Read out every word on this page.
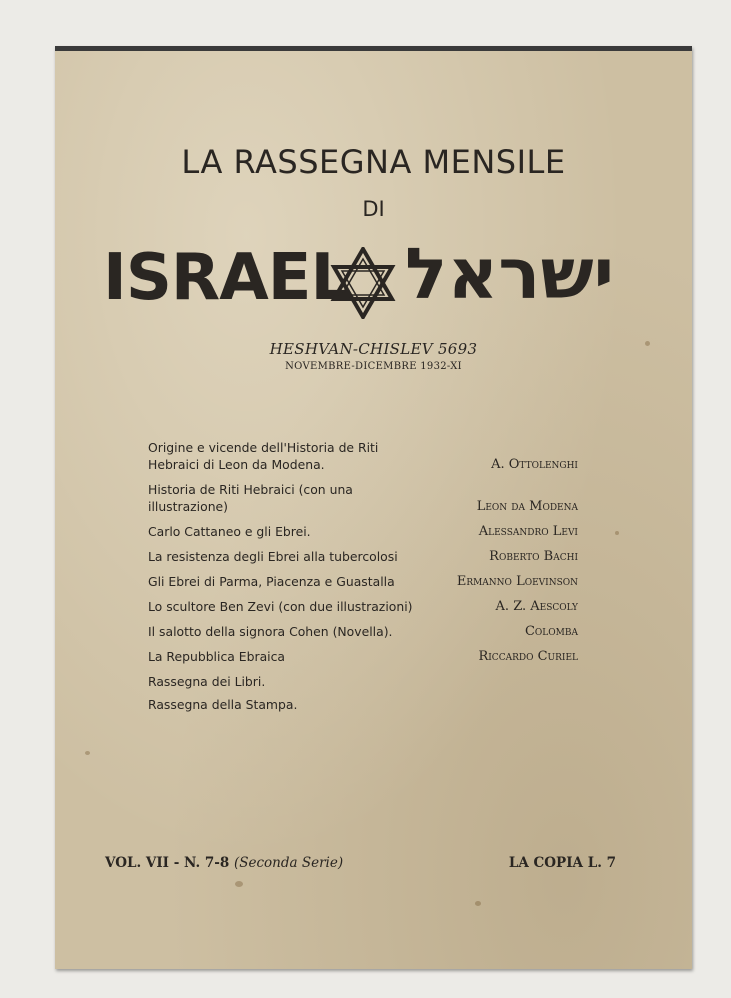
LA RASSEGNA MENSILE
DI
ISRAEL ישראל
HESHVAN-CHISLEV 5693
NOVEMBRE-DICEMBRE 1932-XI
Origine e vicende dell'Historia de Riti Hebraici di Leon da Modena.	A. Ottolenghi
Historia de Riti Hebraici (con una illustrazione)	Leon da Modena
Carlo Cattaneo e gli Ebrei.	Alessandro Levi
La resistenza degli Ebrei alla tubercolosi	Roberto Bachi
Gli Ebrei di Parma, Piacenza e Guastalla	Ermanno Loevinson
Lo scultore Ben Zevi (con due illustrazioni)	A. Z. Aescoly
Il salotto della signora Cohen (Novella).	Colomba
La Repubblica Ebraica	Riccardo Curiel
Rassegna dei Libri.
Rassegna della Stampa.
VOL. VII - N. 7-8 (Seconda Serie)	LA COPIA L. 7
